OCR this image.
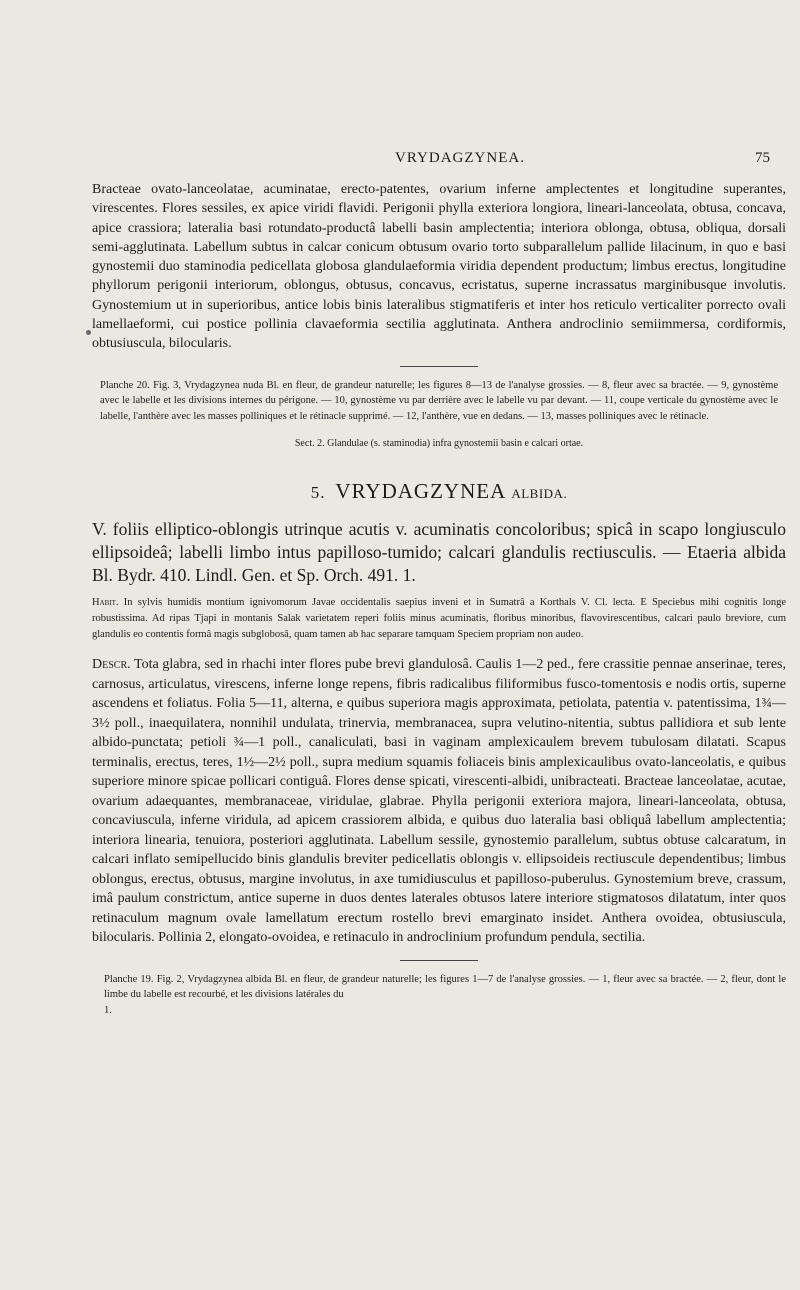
VRYDAGZYNEA.	75

Bracteae ovato-lanceolatae, acuminatae, erecto-patentes, ovarium inferne amplectentes et longitudine superantes, virescentes. Flores sessiles, ex apice viridi flavidi. Perigonii phylla exteriora longiora, lineari-lanceolata, obtusa, concava, apice crassiora; lateralia basi rotundato-productâ labelli basin amplectentia; interiora oblonga, obtusa, obliqua, dorsali semi-agglutinata. Labellum subtus in calcar conicum obtusum ovario torto subparallelum pallide lilacinum, in quo e basi gynostemii duo staminodia pedicellata globosa glandulaeformia viridia dependent productum; limbus erectus, longitudine phyllorum perigonii interiorum, oblongus, obtusus, concavus, ecristatus, superne incrassatus marginibusque involutis. Gynostemium ut in superioribus, antice lobis binis lateralibus stigmatiferis et inter hos reticulo verticaliter porrecto ovali lamellaeformi, cui postice pollinia clavaeformia sectilia agglutinata. Anthera androclinio semiimmersa, cordiformis, obtusiuscula, bilocularis.

Planche 20. Fig. 3, Vrydagzynea nuda Bl. en fleur, de grandeur naturelle; les figures 8—13 de l'analyse grossies. — 8, fleur avec sa bractée. — 9, gynostème avec le labelle et les divisions internes du périgone. — 10, gynostème vu par derrière avec le labelle vu par devant. — 11, coupe verticale du gynostème avec le labelle, l'anthère avec les masses polliniques et le rétinacle supprimé. — 12, l'anthère, vue en dedans. — 13, masses polliniques avec le rétinacle.

Sect. 2. Glandulae (s. staminodia) infra gynostemii basin e calcari ortae.

5. VRYDAGZYNEA ALBIDA.

V. foliis elliptico-oblongis utrinque acutis v. acuminatis concoloribus; spicâ in scapo longiusculo ellipsoideâ; labelli limbo intus papilloso-tumido; calcari glandulis rectiusculis. — Etaeria albida Bl. Bydr. 410. Lindl. Gen. et Sp. Orch. 491. 1.

Habit. In sylvis humidis montium ignivomorum Javae occidentalis saepius inveni et in Sumatrâ a Korthals V. Cl. lecta. E Speciebus mihi cognitis longe robustissima. Ad ripas Tjapi in montanis Salak varietatem reperi foliis minus acuminatis, floribus minoribus, flavovirescentibus, calcari paulo breviore, cum glandulis eo contentis formâ magis subglobosâ, quam tamen ab hac separare tamquam Speciem propriam non audeo.

Descr. Tota glabra, sed in rhachi inter flores pube brevi glandulosâ. Caulis 1—2 ped., fere crassitie pennae anserinae, teres, carnosus, articulatus, virescens, inferne longe repens, fibris radicalibus filiformibus fusco-tomentosis e nodis ortis, superne ascendens et foliatus. Folia 5—11, alterna, e quibus superiora magis approximata, petiolata, patentia v. patentissima, 1¾—3½ poll., inaequilatera, nonnihil undulata, trinervia, membranacea, supra velutino-nitentia, subtus pallidiora et sub lente albido-punctata; petioli ¾—1 poll., canaliculati, basi in vaginam amplexicaulem brevem tubulosam dilatati. Scapus terminalis, erectus, teres, 1½—2½ poll., supra medium squamis foliaceis binis amplexicaulibus ovato-lanceolatis, e quibus superiore minore spicae pollicari contiguâ. Flores dense spicati, virescenti-albidi, unibracteati. Bracteae lanceolatae, acutae, ovarium adaequantes, membranaceae, viridulae, glabrae. Phylla perigonii exteriora majora, lineari-lanceolata, obtusa, concaviuscula, inferne viridula, ad apicem crassiorem albida, e quibus duo lateralia basi obliquâ labellum amplectentia; interiora linearia, tenuiora, posteriori agglutinata. Labellum sessile, gynostemio parallelum, subtus obtuse calcaratum, in calcari inflato semipellucido binis glandulis breviter pedicellatis oblongis v. ellipsoideis rectiuscule dependentibus; limbus oblongus, erectus, obtusus, margine involutus, in axe tumidiusculus et papilloso-puberulus. Gynostemium breve, crassum, imâ paulum constrictum, antice superne in duos dentes laterales obtusos latere interiore stigmatosos dilatatum, inter quos retinaculum magnum ovale lamellatum erectum rostello brevi emarginato insidet. Anthera ovoidea, obtusiuscula, bilocularis. Pollinia 2, elongato-ovoidea, e retinaculo in androclinium profundum pendula, sectilia.

Planche 19. Fig. 2, Vrydagzynea albida Bl. en fleur, de grandeur naturelle; les figures 1—7 de l'analyse grossies. — 1, fleur avec sa bractée. — 2, fleur, dont le limbe du labelle est recourbé, et les divisions latérales du

1.
